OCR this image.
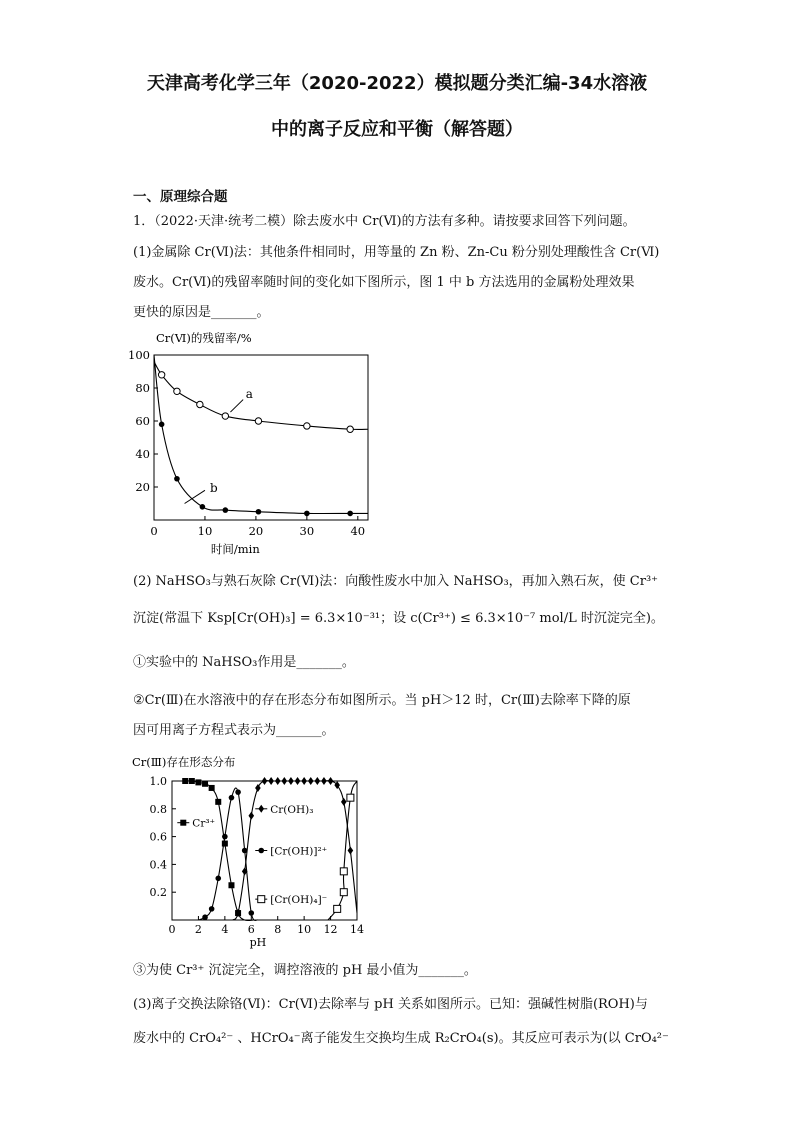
天津高考化学三年（2020-2022）模拟题分类汇编-34水溶液
中的离子反应和平衡（解答题）
一、原理综合题
1．（2022·天津·统考二模）除去废水中 Cr(Ⅵ)的方法有多种。请按要求回答下列问题。
(1)金属除 Cr(Ⅵ)法：其他条件相同时，用等量的 Zn 粉、Zn-Cu 粉分别处理酸性含 Cr(Ⅵ)
废水。Cr(Ⅵ)的残留率随时间的变化如下图所示，图 1 中 b 方法选用的金属粉处理效果
更快的原因是_______。
Cr(Ⅵ)的残留率/%
20
40
60
80
100
0	10	20	30	40
时间/min
a
b
(2) NaHSO₃与熟石灰除 Cr(Ⅵ)法：向酸性废水中加入 NaHSO₃，再加入熟石灰，使 Cr³⁺
沉淀(常温下 Ksp[Cr(OH)₃] = 6.3×10⁻³¹；设 c(Cr³⁺) ≤ 6.3×10⁻⁷ mol/L 时沉淀完全)。
①实验中的 NaHSO₃作用是_______。
②Cr(Ⅲ)在水溶液中的存在形态分布如图所示。当 pH＞12 时，Cr(Ⅲ)去除率下降的原
因可用离子方程式表示为_______。
Cr(Ⅲ)存在形态分布
0.2
0.4
0.6
0.8
1.0
0 2 4 6 8 10 12 14
pH
Cr³⁺
Cr(OH)₃
[Cr(OH)]²⁺
[Cr(OH)₄]⁻
③为使 Cr³⁺ 沉淀完全，调控溶液的 pH 最小值为_______。
(3)离子交换法除铬(Ⅵ)：Cr(Ⅵ)去除率与 pH 关系如图所示。已知：强碱性树脂(ROH)与
废水中的 CrO₄²⁻ 、HCrO₄⁻离子能发生交换均生成 R₂CrO₄(s)。其反应可表示为(以 CrO₄²⁻
